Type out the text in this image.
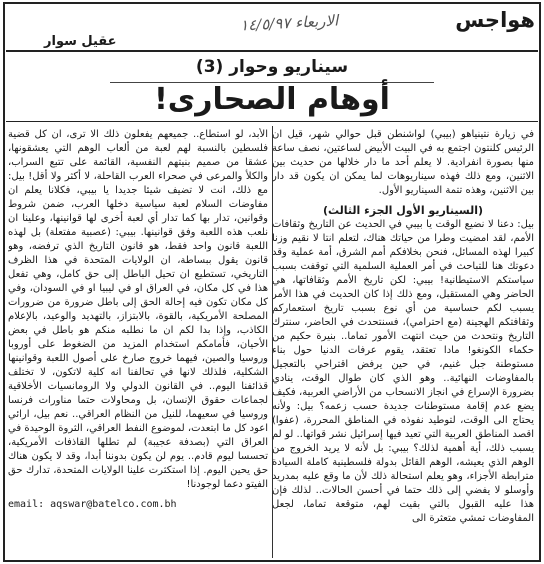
هواجس
الاربعاء ١٤/٥/٩٧
عقيل سوار
سيناريو وحوار (3)
أوهام الصحارى!

في زيارة نتينياهو (بيبي) لواشنطن قبل حوالي شهر، قيل ان الرئيس كلنتون اجتمع به في البيت الأبيض لساعتين، نصف ساعة منها بصورة انفرادية. لا يعلم أحد ما دار خلالها من حديث بين الاثنين، ومع ذلك فهذه سيناريوهات لما يمكن ان يكون قد دار بين الاثنين، وهذه تتمة السيناريو الأول.

(السيناريو الأول الجزء الثالث)

بيل: دعنا لا نضيع الوقت يا بيبي في الحديث عن التاريخ وثقافات الأمم، لقد امضيت وطرا من حياتك هناك، لتعلم انتا لا نقيم وزنا كبيرا لهذه المسائل، فنحن بخلافكم أمم الشرق، أمة عملية وقد دعوتك هنا للتباحث في أمر العملية السلمية التي توقفت بسبب سياستكم الاستيطانية! بيبي: لكن تاريخ الأمم وثقافاتها، هي الحاضر وهي المستقبل، ومع ذلك إذا كان الحديث في هذا الأمر يسبب لكم حساسية من أي نوع بسبب تاريخ استعماركم وثقافتكم الهجينة (مع احترامي)، فسنتحدث في الحاضر، سنترك التاريخ ونتحدث من حيث انتهت الأمور تماما.. بنيرة حكيم من حكماء الكونغو! مادا تعتقد، يقوم عرفات الدنيا حول بناء مستوطنة جبل غنيم، في حين يرفض اقتراحي بالتعجيل بالمفاوضات النهائية.. وهو الذي كان طوال الوقت، ينادي بضرورة الإسراع في انجاز الانسحاب من الأراضي العربية، فكيف يضع عدم إقامة مستوطنات جديدة حسب زعمه؟ بيل: ولأنه يحتاج الى الوقت، لتوطيد نفوذه في المناطق المحررة، (عفوا) اقصد المناطق العربية التي تعيد فيها إسرائيل نشر قواتها.. لو لم يسبب ذلك، أية أهمية لذلك؟ بيبي: بل لأنه لا يريد الخروج من الوهم الذي يعيشه، الوهم القائل بدولة فلسطينية كاملة السيادة مترابطة الأجزاء، وهو يعلم استحالة ذلك لأن ما وقع عليه بمدريد وأوسلو لا يفضي إلى ذلك حتما في أحسن الحالات.. لذلك فإن هذا عليه القبول بالتي بقيت لهم، متوقعة تماما، لجعل المفاوضات تمشي متعثرة الى

الأبد، لو استطاع.. جميعهم يفعلون ذلك الا ترى، ان كل قضية فلسطين بالنسبة لهم لعبة من ألعاب الوهم التي يعشقونها، عشقا من صميم بنيتهم النفسية، القائمة على تتبع السراب، والكلأ والمرعى في صحراء العرب القاحلة، لا أكثر ولا أقل! بيل: مع ذلك، انت لا تضيف شيئا جديدا يا بيبي، فكلانا يعلم ان مفاوضات السلام لعبة سياسية دخلها العرب، ضمن شروط وقوانين، تدار بها كما تدار أي لعبة أخرى لها قوانينها، وعلينا ان نلعب هذه اللعبة وفق قوانينها. بيبي: (عصبية مفتعلة) بل لهذه اللعبة قانون واحد فقط، هو قانون التاريخ الذي ترفضه، وهو قانون يقول ببساطة، ان الولايات المتحدة في هذا الظرف التاريخي، تستطيع ان تحيل الباطل إلى حق كامل، وهي تفعل هذا في كل مكان، في العراق او في ليبيا او في السودان، وفي كل مكان تكون فيه إحالة الحق إلى باطل ضرورة من ضرورات المصلحة الأمريكية، بالقوة، بالابتزاز، بالتهديد والوعيد، بالإعلام الكاذب، وإذا بدا لكم ان ما نطلبه منكم هو باطل في بعض الأحيان، فأمامكم استخدام المزيد من الضغوط على أوروبا وروسيا والصين، فيهما خروج صارخ على أصول اللعبة وقوانينها الشكلية، فلذلك لانها في تحالفنا انه كلية لاتكون، لا تختلف قذائفنا اليوم.. في القانون الدولي ولا الرومانسيات الأخلاقية لجماعات حقوق الإنسان، بل ومحاولات حتما مناورات فرنسا وروسيا في سعيهما، للنيل من النظام العراقي.. نعم بيل، ارائي اعود كل ما ابتعدت، لموضوع النفط العراقي، الثروة الوحيدة في العراق التي (بصدفة عجيبة) لم تطلها القاذفات الأمريكية، تحسسا ليوم قادم.. يوم لن يكون بدوننا أبدا، وقد لا يكون هناك حق يحين اليوم. إذا استكثرت علينا الولايات المتحدة، تدارك حق الفيتو دعما لوجودنا!

email: aqswar@batelco.com.bh
